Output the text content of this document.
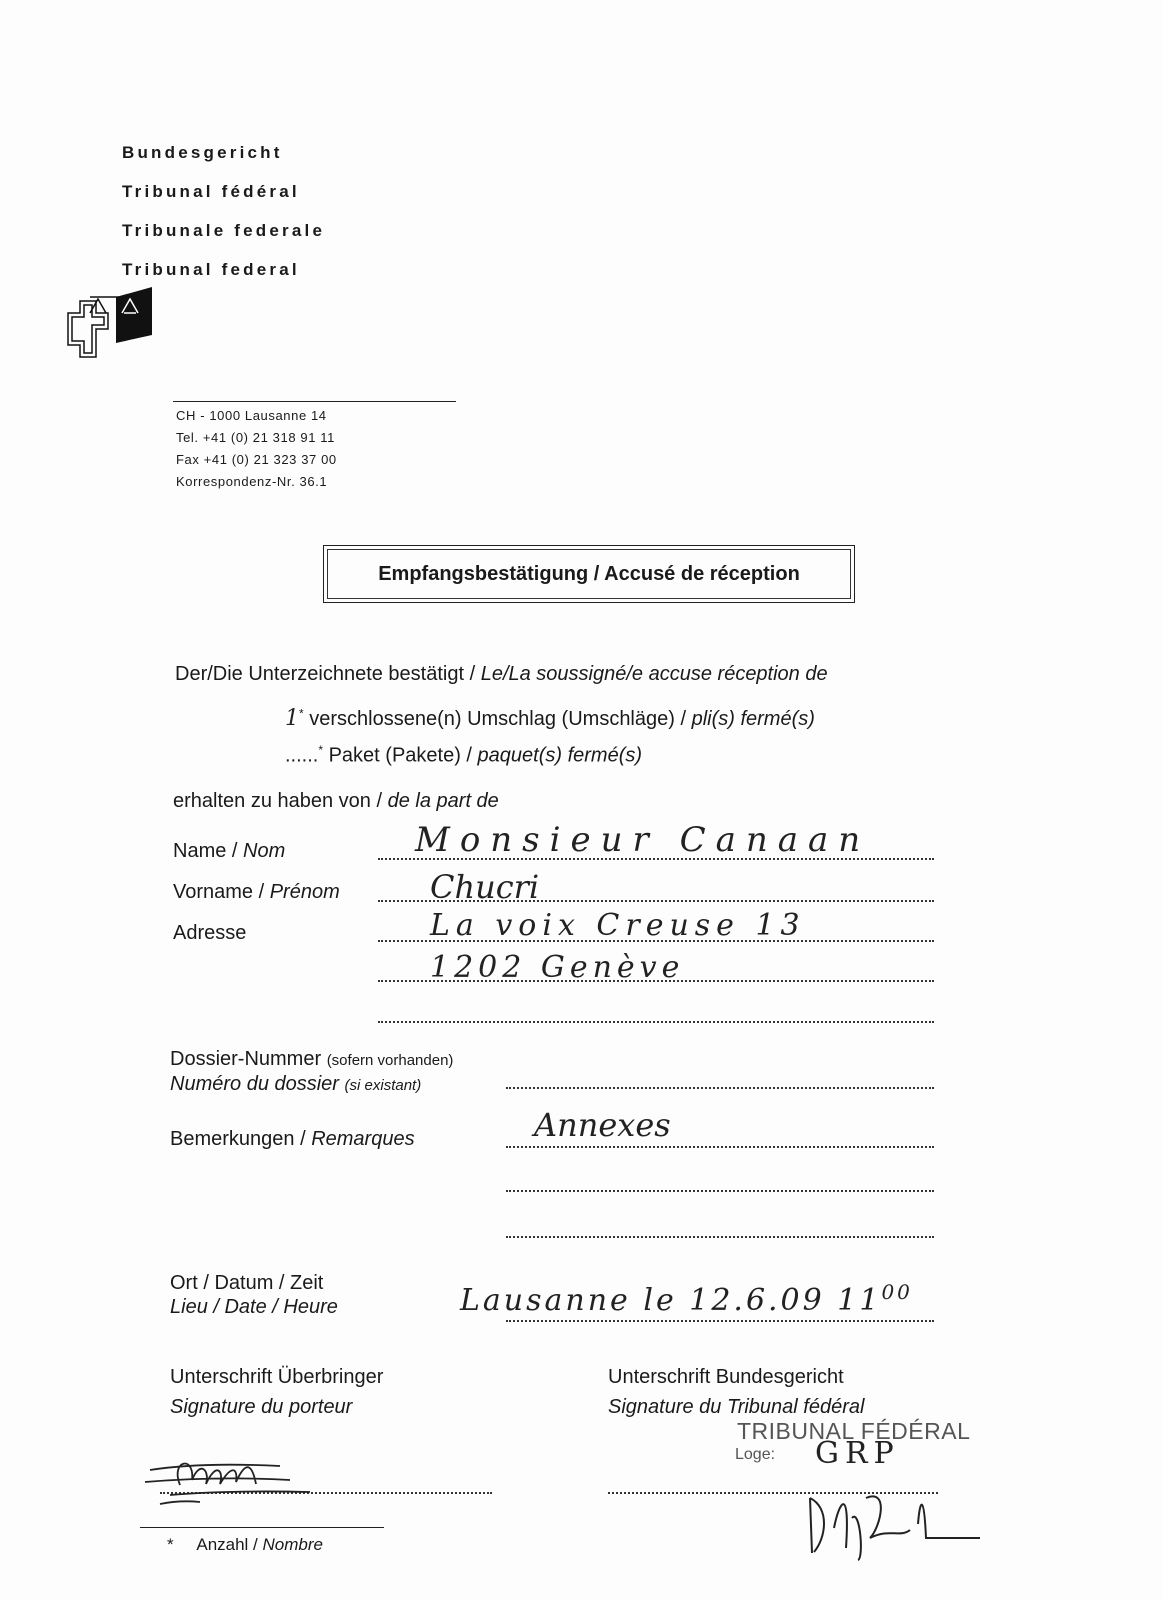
Bundesgericht
Tribunal fédéral
Tribunale federale
Tribunal federal
CH - 1000 Lausanne 14
Tel. +41 (0) 21 318 91 11
Fax +41 (0) 21 323 37 00
Korrespondenz-Nr. 36.1
Empfangsbestätigung / Accusé de réception
Der/Die Unterzeichnete bestätigt / Le/La soussigné/e accuse réception de
1* verschlossene(n) Umschlag (Umschläge) / pli(s) fermé(s)
......* Paket (Pakete) / paquet(s) fermé(s)
erhalten zu haben von / de la part de
Name / Nom	Monsieur Canaan
Vorname / Prénom	Chucri
Adresse	La voix Creuse 13
1202 Genève
Dossier-Nummer (sofern vorhanden)
Numéro du dossier (si existant)
Bemerkungen / Remarques	Annexes
Ort / Datum / Zeit
Lieu / Date / Heure	Lausanne le 12.6.09 $11^{00}$
Unterschrift Überbringer
Signature du porteur
Unterschrift Bundesgericht
Signature du Tribunal fédéral
TRIBUNAL FÉDÉRAL
Loge: GRP
* Anzahl / Nombre
